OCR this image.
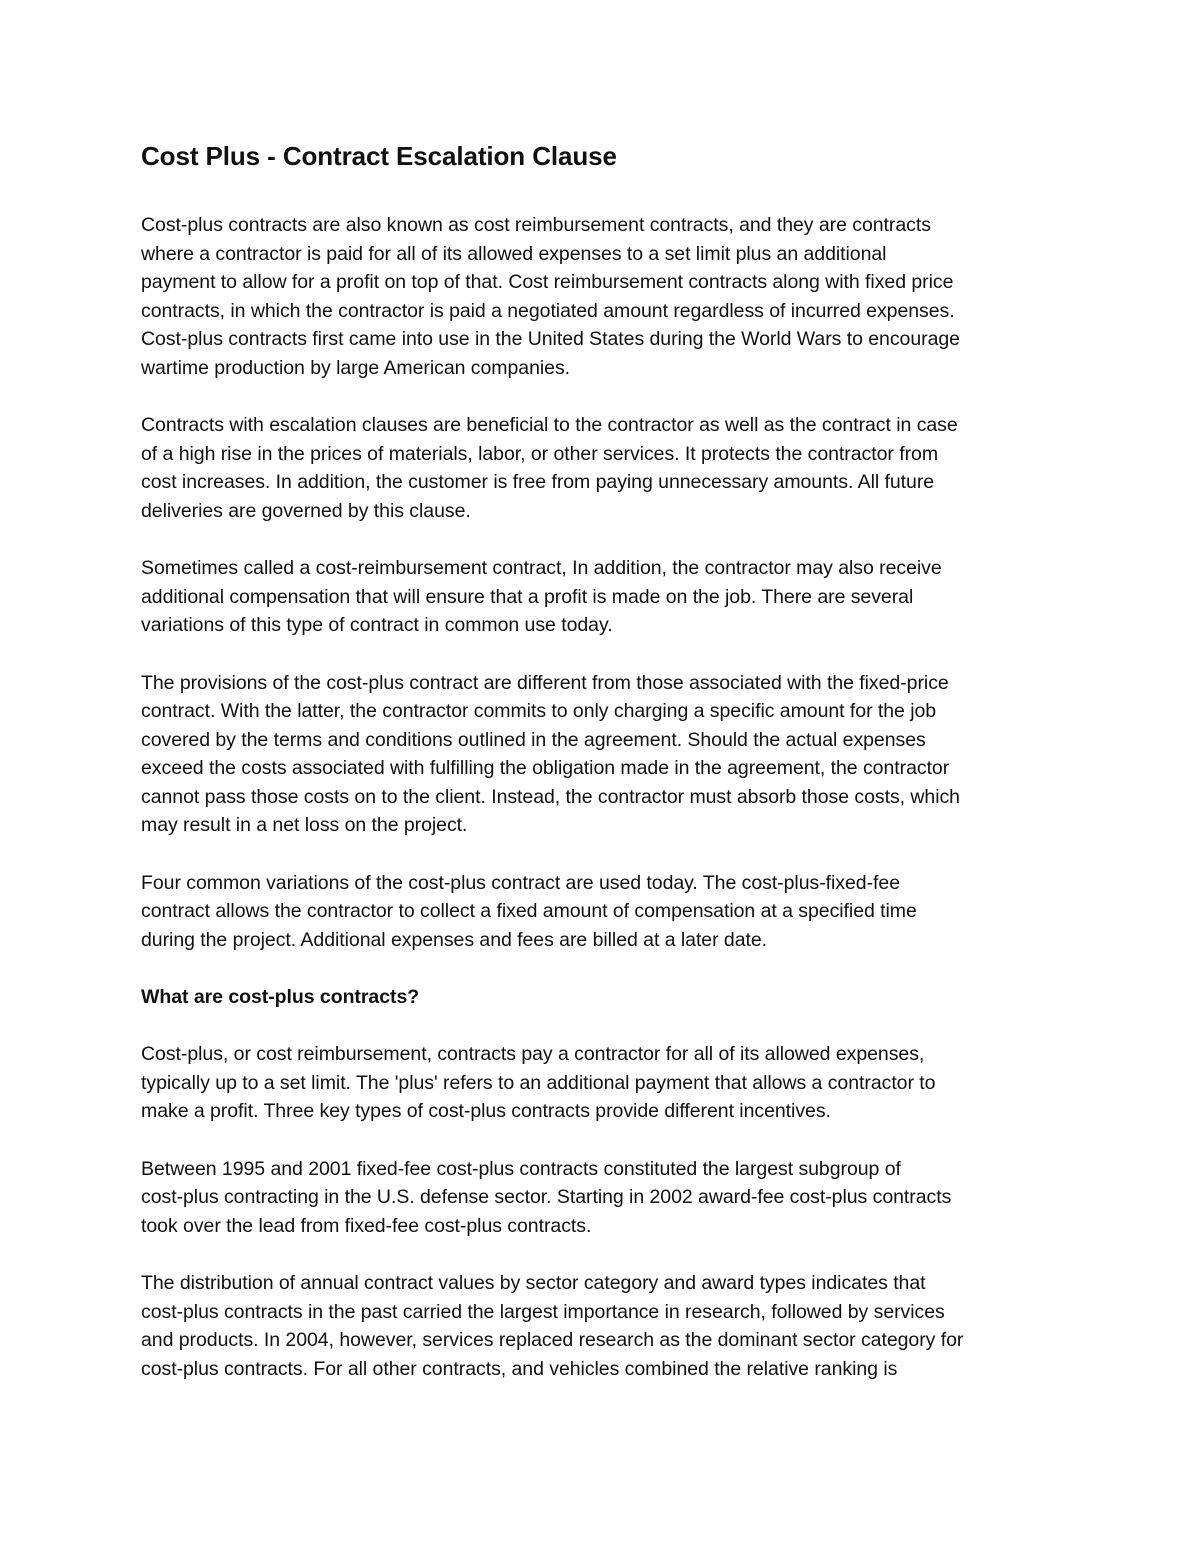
Cost Plus - Contract Escalation Clause

Cost-plus contracts are also known as cost reimbursement contracts, and they are contracts
where a contractor is paid for all of its allowed expenses to a set limit plus an additional
payment to allow for a profit on top of that. Cost reimbursement contracts along with fixed price
contracts, in which the contractor is paid a negotiated amount regardless of incurred expenses.
Cost-plus contracts first came into use in the United States during the World Wars to encourage
wartime production by large American companies.

Contracts with escalation clauses are beneficial to the contractor as well as the contract in case
of a high rise in the prices of materials, labor, or other services. It protects the contractor from
cost increases. In addition, the customer is free from paying unnecessary amounts. All future
deliveries are governed by this clause.

Sometimes called a cost-reimbursement contract, In addition, the contractor may also receive
additional compensation that will ensure that a profit is made on the job. There are several
variations of this type of contract in common use today.

The provisions of the cost-plus contract are different from those associated with the fixed-price
contract. With the latter, the contractor commits to only charging a specific amount for the job
covered by the terms and conditions outlined in the agreement. Should the actual expenses
exceed the costs associated with fulfilling the obligation made in the agreement, the contractor
cannot pass those costs on to the client. Instead, the contractor must absorb those costs, which
may result in a net loss on the project.

Four common variations of the cost-plus contract are used today. The cost-plus-fixed-fee
contract allows the contractor to collect a fixed amount of compensation at a specified time
during the project. Additional expenses and fees are billed at a later date.

What are cost-plus contracts?

Cost-plus, or cost reimbursement, contracts pay a contractor for all of its allowed expenses,
typically up to a set limit. The 'plus' refers to an additional payment that allows a contractor to
make a profit. Three key types of cost-plus contracts provide different incentives.

Between 1995 and 2001 fixed-fee cost-plus contracts constituted the largest subgroup of
cost-plus contracting in the U.S. defense sector. Starting in 2002 award-fee cost-plus contracts
took over the lead from fixed-fee cost-plus contracts.

The distribution of annual contract values by sector category and award types indicates that
cost-plus contracts in the past carried the largest importance in research, followed by services
and products. In 2004, however, services replaced research as the dominant sector category for
cost-plus contracts. For all other contracts, and vehicles combined the relative ranking is
